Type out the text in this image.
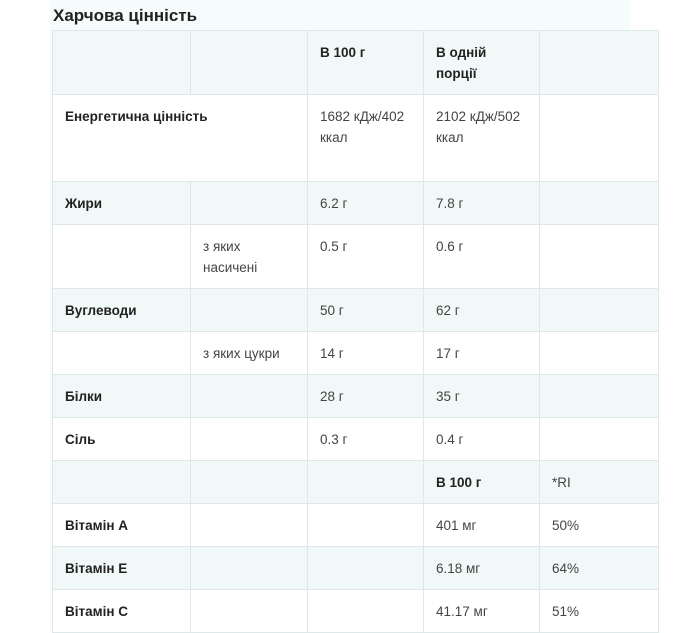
Харчова цінність
		В 100 г	В одній порції	
Енергетична цінність		1682 кДж/402 ккал	2102 кДж/502 ккал	
Жири		6.2 г	7.8 г	
	з яких насичені	0.5 г	0.6 г	
Вуглеводи		50 г	62 г	
	з яких цукри	14 г	17 г	
Білки		28 г	35 г	
Сіль		0.3 г	0.4 г	
			В 100 г	*RI
Вітамін A			401 мг	50%
Вітамін E			6.18 мг	64%
Вітамін C			41.17 мг	51%
